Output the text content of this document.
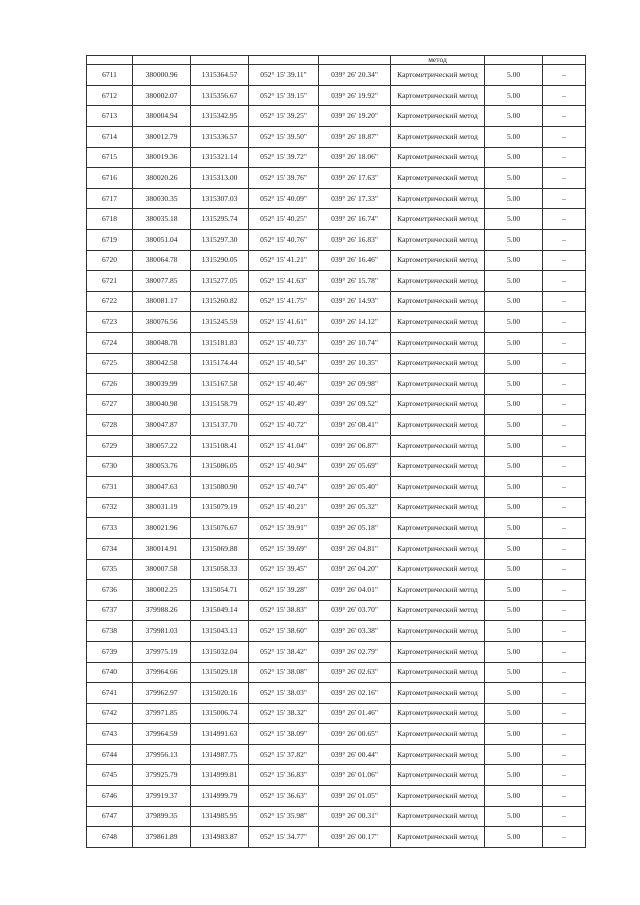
					метод		
6711	380000.96	1315364.57	052° 15' 39.11"	039° 26' 20.34"	Картометрический метод	5.00	–
6712	380002.07	1315356.67	052° 15' 39.15"	039° 26' 19.92"	Картометрический метод	5.00	–
6713	380004.94	1315342.95	052° 15' 39.25"	039° 26' 19.20"	Картометрический метод	5.00	–
6714	380012.79	1315336.57	052° 15' 39.50"	039° 26' 18.87"	Картометрический метод	5.00	–
6715	380019.36	1315321.14	052° 15' 39.72"	039° 26' 18.06"	Картометрический метод	5.00	–
6716	380020.26	1315313.00	052° 15' 39.76"	039° 26' 17.63"	Картометрический метод	5.00	–
6717	380030.35	1315307.03	052° 15' 40.09"	039° 26' 17.33"	Картометрический метод	5.00	–
6718	380035.18	1315295.74	052° 15' 40.25"	039° 26' 16.74"	Картометрический метод	5.00	–
6719	380051.04	1315297.30	052° 15' 40.76"	039° 26' 16.83"	Картометрический метод	5.00	–
6720	380064.78	1315290.05	052° 15' 41.21"	039° 26' 16.46"	Картометрический метод	5.00	–
6721	380077.85	1315277.05	052° 15' 41.63"	039° 26' 15.78"	Картометрический метод	5.00	–
6722	380081.17	1315260.82	052° 15' 41.75"	039° 26' 14.93"	Картометрический метод	5.00	–
6723	380076.56	1315245.59	052° 15' 41.61"	039° 26' 14.12"	Картометрический метод	5.00	–
6724	380048.78	1315181.83	052° 15' 40.73"	039° 26' 10.74"	Картометрический метод	5.00	–
6725	380042.58	1315174.44	052° 15' 40.54"	039° 26' 10.35"	Картометрический метод	5.00	–
6726	380039.99	1315167.58	052° 15' 40.46"	039° 26' 09.98"	Картометрический метод	5.00	–
6727	380040.98	1315158.79	052° 15' 40.49"	039° 26' 09.52"	Картометрический метод	5.00	–
6728	380047.87	1315137.70	052° 15' 40.72"	039° 26' 08.41"	Картометрический метод	5.00	–
6729	380057.22	1315108.41	052° 15' 41.04"	039° 26' 06.87"	Картометрический метод	5.00	–
6730	380053.76	1315086.05	052° 15' 40.94"	039° 26' 05.69"	Картометрический метод	5.00	–
6731	380047.63	1315080.90	052° 15' 40.74"	039° 26' 05.40"	Картометрический метод	5.00	–
6732	380031.19	1315079.19	052° 15' 40.21"	039° 26' 05.32"	Картометрический метод	5.00	–
6733	380021.96	1315076.67	052° 15' 39.91"	039° 26' 05.18"	Картометрический метод	5.00	–
6734	380014.91	1315069.88	052° 15' 39.69"	039° 26' 04.81"	Картометрический метод	5.00	–
6735	380007.58	1315058.33	052° 15' 39.45"	039° 26' 04.20"	Картометрический метод	5.00	–
6736	380002.25	1315054.71	052° 15' 39.28"	039° 26' 04.01"	Картометрический метод	5.00	–
6737	379988.26	1315049.14	052° 15' 38.83"	039° 26' 03.70"	Картометрический метод	5.00	–
6738	379981.03	1315043.13	052° 15' 38.60"	039° 26' 03.38"	Картометрический метод	5.00	–
6739	379975.19	1315032.04	052° 15' 38.42"	039° 26' 02.79"	Картометрический метод	5.00	–
6740	379964.66	1315029.18	052° 15' 38.08"	039° 26' 02.63"	Картометрический метод	5.00	–
6741	379962.97	1315020.16	052° 15' 38.03"	039° 26' 02.16"	Картометрический метод	5.00	–
6742	379971.85	1315006.74	052° 15' 38.32"	039° 26' 01.46"	Картометрический метод	5.00	–
6743	379964.59	1314991.63	052° 15' 38.09"	039° 26' 00.65"	Картометрический метод	5.00	–
6744	379956.13	1314987.75	052° 15' 37.82"	039° 26' 00.44"	Картометрический метод	5.00	–
6745	379925.79	1314999.81	052° 15' 36.83"	039° 26' 01.06"	Картометрический метод	5.00	–
6746	379919.37	1314999.79	052° 15' 36.63"	039° 26' 01.05"	Картометрический метод	5.00	–
6747	379899.35	1314985.95	052° 15' 35.98"	039° 26' 00.31"	Картометрический метод	5.00	–
6748	379861.89	1314983.87	052° 15' 34.77"	039° 26' 00.17"	Картометрический метод	5.00	–
